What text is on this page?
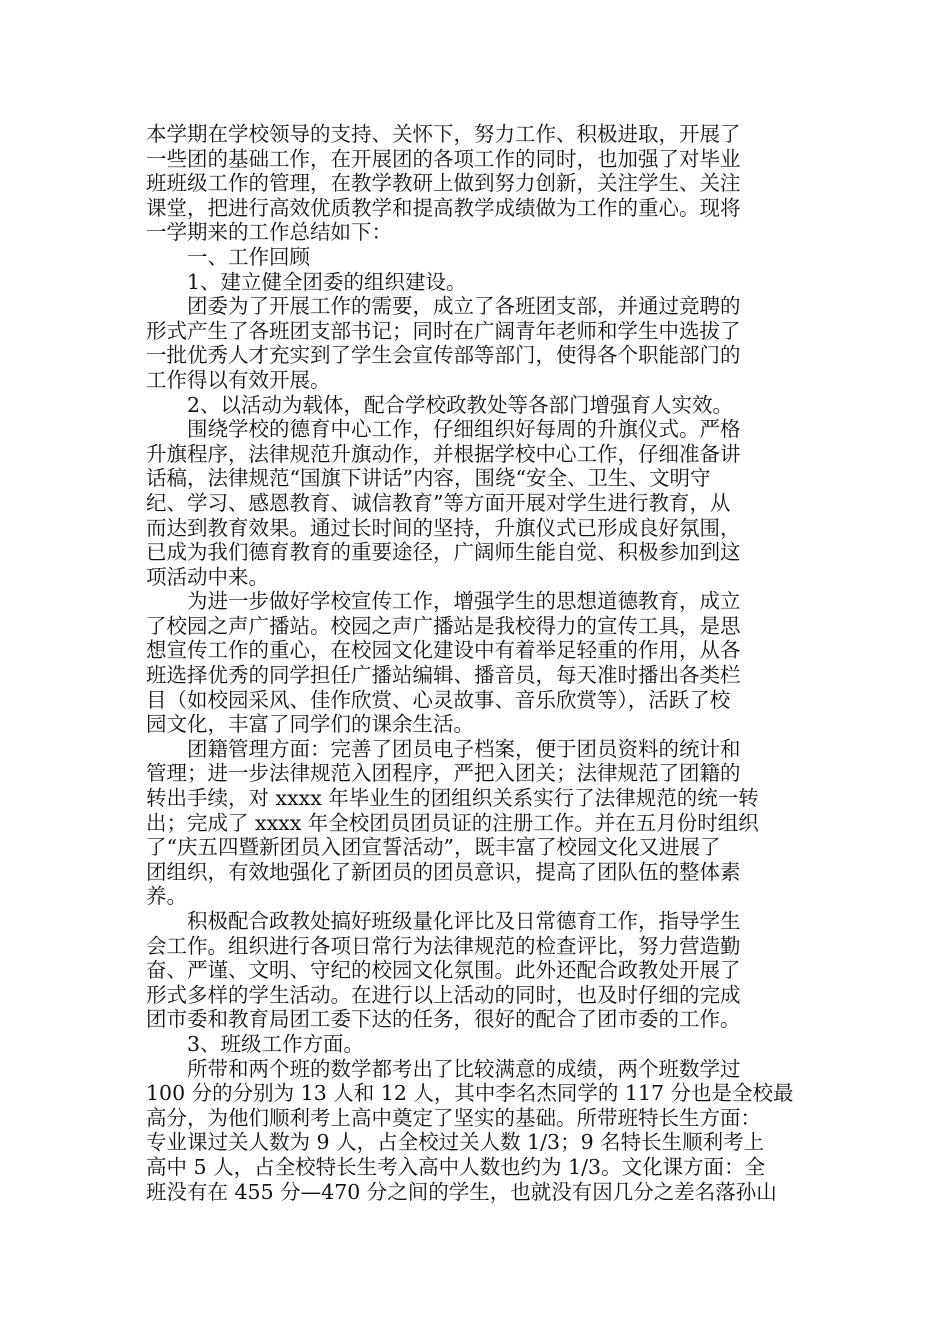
本学期在学校领导的支持、关怀下，努力工作、积极进取，开展了
一些团的基础工作，在开展团的各项工作的同时，也加强了对毕业
班班级工作的管理，在教学教研上做到努力创新，关注学生、关注
课堂，把进行高效优质教学和提高教学成绩做为工作的重心。现将
一学期来的工作总结如下：
　　一、工作回顾
　　1、建立健全团委的组织建设。
　　团委为了开展工作的需要，成立了各班团支部，并通过竞聘的
形式产生了各班团支部书记；同时在广阔青年老师和学生中选拔了
一批优秀人才充实到了学生会宣传部等部门，使得各个职能部门的
工作得以有效开展。
　　2、以活动为载体，配合学校政教处等各部门增强育人实效。
　　围绕学校的德育中心工作，仔细组织好每周的升旗仪式。严格
升旗程序，法律规范升旗动作，并根据学校中心工作，仔细准备讲
话稿，法律规范“国旗下讲话”内容，围绕“安全、卫生、文明守
纪、学习、感恩教育、诚信教育”等方面开展对学生进行教育，从
而达到教育效果。通过长时间的坚持，升旗仪式已形成良好氛围，
已成为我们德育教育的重要途径，广阔师生能自觉、积极参加到这
项活动中来。
　　为进一步做好学校宣传工作，增强学生的思想道德教育，成立
了校园之声广播站。校园之声广播站是我校得力的宣传工具，是思
想宣传工作的重心，在校园文化建设中有着举足轻重的作用，从各
班选择优秀的同学担任广播站编辑、播音员，每天准时播出各类栏
目（如校园采风、佳作欣赏、心灵故事、音乐欣赏等），活跃了校
园文化，丰富了同学们的课余生活。
　　团籍管理方面：完善了团员电子档案，便于团员资料的统计和
管理；进一步法律规范入团程序，严把入团关；法律规范了团籍的
转出手续，对 xxxx 年毕业生的团组织关系实行了法律规范的统一转
出；完成了 xxxx 年全校团员团员证的注册工作。并在五月份时组织
了“庆五四暨新团员入团宣誓活动”，既丰富了校园文化又进展了
团组织，有效地强化了新团员的团员意识，提高了团队伍的整体素
养。
　　积极配合政教处搞好班级量化评比及日常德育工作，指导学生
会工作。组织进行各项日常行为法律规范的检查评比，努力营造勤
奋、严谨、文明、守纪的校园文化氛围。此外还配合政教处开展了
形式多样的学生活动。在进行以上活动的同时，也及时仔细的完成
团市委和教育局团工委下达的任务，很好的配合了团市委的工作。
　　3、班级工作方面。
　　所带和两个班的数学都考出了比较满意的成绩，两个班数学过
100 分的分别为 13 人和 12 人，其中李名杰同学的 117 分也是全校最
高分，为他们顺利考上高中奠定了坚实的基础。所带班特长生方面：
专业课过关人数为 9 人，占全校过关人数 1/3；9 名特长生顺利考上
高中 5 人，占全校特长生考入高中人数也约为 1/3。文化课方面：全
班没有在 455 分—470 分之间的学生，也就没有因几分之差名落孙山
